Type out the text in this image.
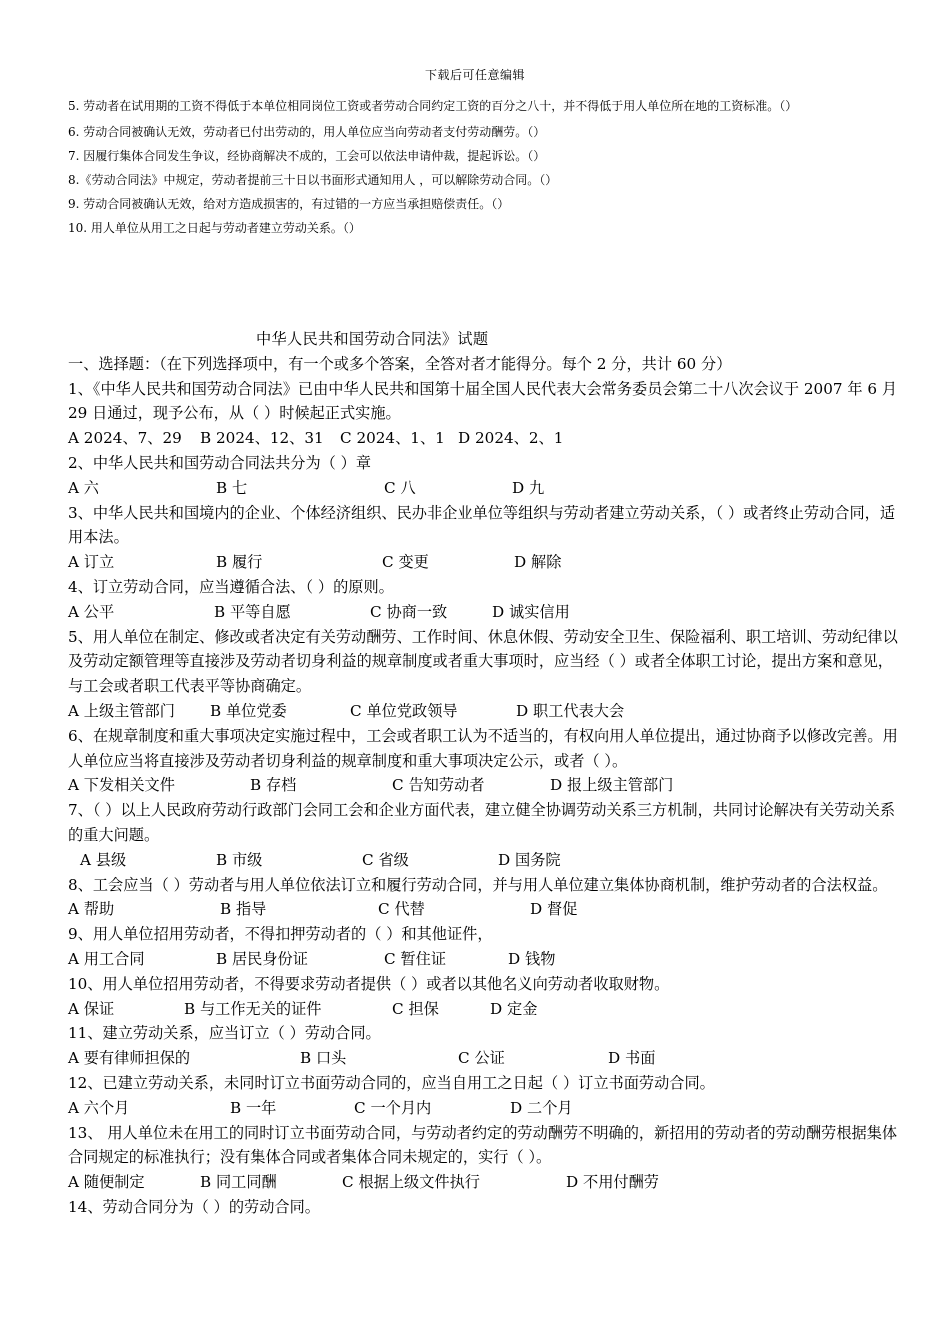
下载后可任意编辑
5. 劳动者在试用期的工资不得低于本单位相同岗位工资或者劳动合同约定工资的百分之八十，并不得低于用人单位所在地的工资标准。（）
6. 劳动合同被确认无效，劳动者已付出劳动的，用人单位应当向劳动者支付劳动酬劳。（）
7. 因履行集体合同发生争议，经协商解决不成的，工会可以依法申请仲裁，提起诉讼。（）
8.《劳动合同法》中规定，劳动者提前三十日以书面形式通知用人 ，可以解除劳动合同。（）
9. 劳动合同被确认无效，给对方造成损害的，有过错的一方应当承担赔偿责任。（）
10. 用人单位从用工之日起与劳动者建立劳动关系。（）
中华人民共和国劳动合同法》试题
一、选择题：（在下列选择项中，有一个或多个答案，全答对者才能得分。每个 2 分，共计 60 分）
1、《中华人民共和国劳动合同法》已由中华人民共和国第十届全国人民代表大会常务委员会第二十八次会议于 2007 年 6 月 29 日通过，现予公布，从（ ）时候起正式实施。
A 2024、7、29 B 2024、12、31 C 2024、1、1 D 2024、2、1
2、中华人民共和国劳动合同法共分为（ ）章
A 六	B 七	C 八	D 九
3、中华人民共和国境内的企业、个体经济组织、民办非企业单位等组织与劳动者建立劳动关系，（ ）或者终止劳动合同，适用本法。
A 订立	B 履行	C 变更	D 解除
4、订立劳动合同，应当遵循合法、（ ）的原则。
A 公平	B 平等自愿	C 协商一致	D 诚实信用
5、用人单位在制定、修改或者决定有关劳动酬劳、工作时间、休息休假、劳动安全卫生、保险福利、职工培训、劳动纪律以及劳动定额管理等直接涉及劳动者切身利益的规章制度或者重大事项时，应当经（ ）或者全体职工讨论，提出方案和意见，与工会或者职工代表平等协商确定。
A 上级主管部门 B 单位党委	C 单位党政领导	D 职工代表大会
6、在规章制度和重大事项决定实施过程中，工会或者职工认为不适当的，有权向用人单位提出，通过协商予以修改完善。用人单位应当将直接涉及劳动者切身利益的规章制度和重大事项决定公示，或者（ ）。
A 下发相关文件	B 存档	C 告知劳动者	D 报上级主管部门
7、（ ）以上人民政府劳动行政部门会同工会和企业方面代表，建立健全协调劳动关系三方机制，共同讨论解决有关劳动关系的重大问题。
A 县级	B 市级	C 省级	D 国务院
8、工会应当（ ）劳动者与用人单位依法订立和履行劳动合同，并与用人单位建立集体协商机制，维护劳动者的合法权益。
A 帮助	B 指导	C 代替	D 督促
9、用人单位招用劳动者，不得扣押劳动者的（ ）和其他证件，
A 用工合同	B 居民身份证	C 暂住证	D 钱物
10、用人单位招用劳动者，不得要求劳动者提供（ ）或者以其他名义向劳动者收取财物。
A 保证	B 与工作无关的证件	C 担保	D 定金
11、建立劳动关系，应当订立（ ）劳动合同。
A 要有律师担保的	B 口头	C 公证	D 书面
12、已建立劳动关系，未同时订立书面劳动合同的，应当自用工之日起（ ）订立书面劳动合同。
A 六个月	B 一年	C 一个月内	D 二个月
13、 用人单位未在用工的同时订立书面劳动合同，与劳动者约定的劳动酬劳不明确的，新招用的劳动者的劳动酬劳根据集体合同规定的标准执行；没有集体合同或者集体合同未规定的，实行（ ）。
A 随便制定	B 同工同酬	C 根据上级文件执行	D 不用付酬劳
14、劳动合同分为（ ）的劳动合同。
